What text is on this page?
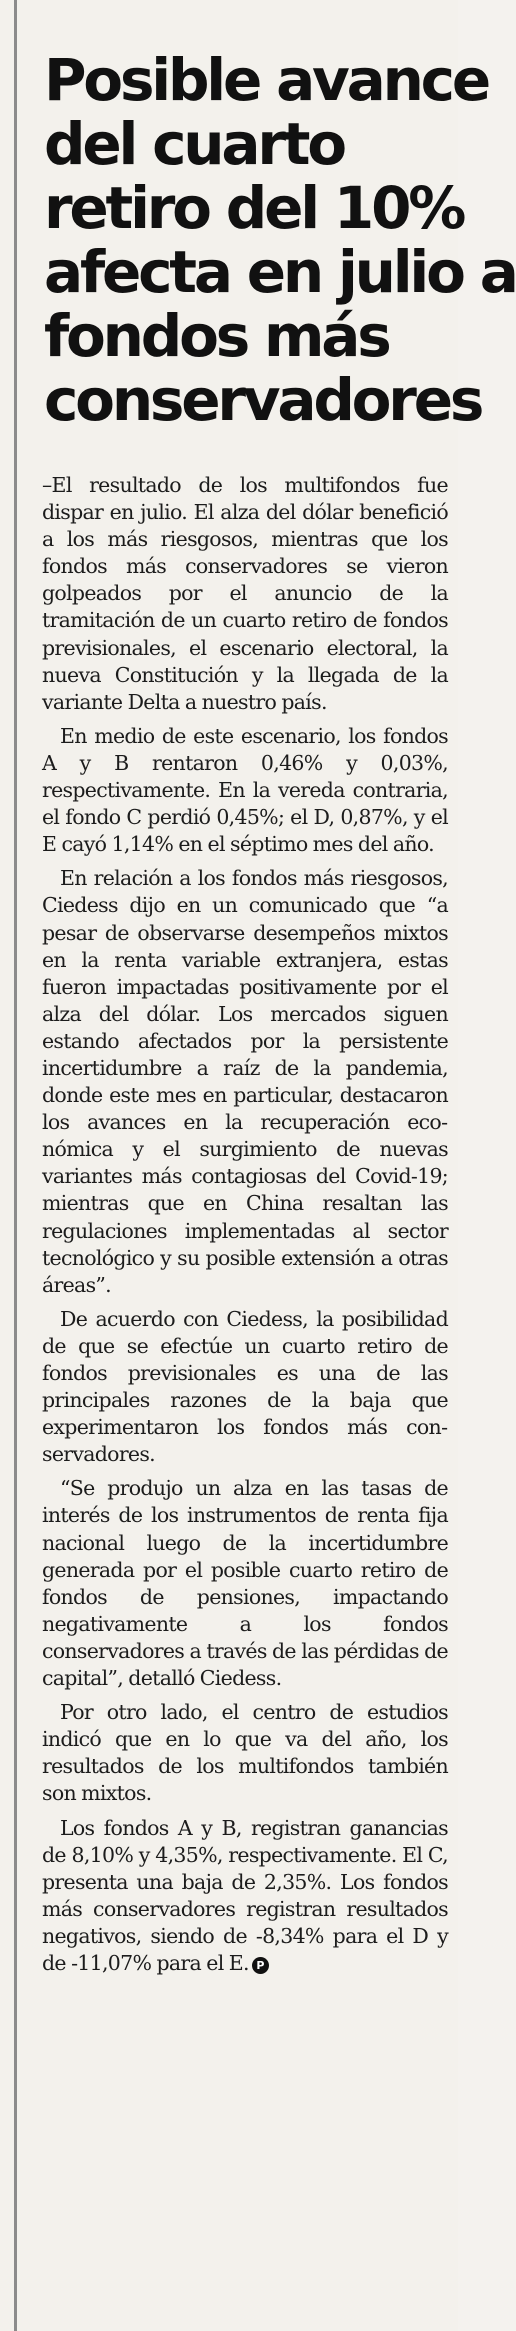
Posible avance
del cuarto
retiro del 10%
afecta en julio a
fondos más
conservadores

–El resultado de los multifondos fue dispar en julio. El alza del dólar benefició a los más riesgosos, mientras que los fondos más conservadores se vieron golpeados por el anuncio de la tramitación de un cuarto retiro de fondos previsionales, el escenario electoral, la nueva Constitución y la llegada de la variante Delta a nuestro país.

En medio de este escenario, los fondos A y B rentaron 0,46% y 0,03%, respectivamente. En la vereda contraria, el fondo C perdió 0,45%; el D, 0,87%, y el E cayó 1,14% en el séptimo mes del año.

En relación a los fondos más riesgosos, Ciedess dijo en un comunicado que “a pesar de observarse desempeños mixtos en la renta variable extranjera, estas fueron impactadas positivamente por el alza del dólar. Los mercados siguen estando afectados por la persistente incertidumbre a raíz de la pandemia, donde este mes en particular, destacaron los avances en la recuperación económica y el surgimiento de nuevas variantes más contagiosas del Covid-19; mientras que en China resaltan las regulaciones implementadas al sector tecnológico y su posible extensión a otras áreas”.

De acuerdo con Ciedess, la posibilidad de que se efectúe un cuarto retiro de fondos previsionales es una de las principales razones de la baja que experimentaron los fondos más conservadores.

“Se produjo un alza en las tasas de interés de los instrumentos de renta fija nacional luego de la incertidumbre generada por el posible cuarto retiro de fondos de pensiones, impactando negativamente a los fondos conservadores a través de las pérdidas de capital”, detalló Ciedess.

Por otro lado, el centro de estudios indicó que en lo que va del año, los resultados de los multifondos también son mixtos.

Los fondos A y B, registran ganancias de 8,10% y 4,35%, respectivamente. El C, presenta una baja de 2,35%. Los fondos más conservadores registran resultados negativos, siendo de -8,34% para el D y de -11,07% para el E. P
